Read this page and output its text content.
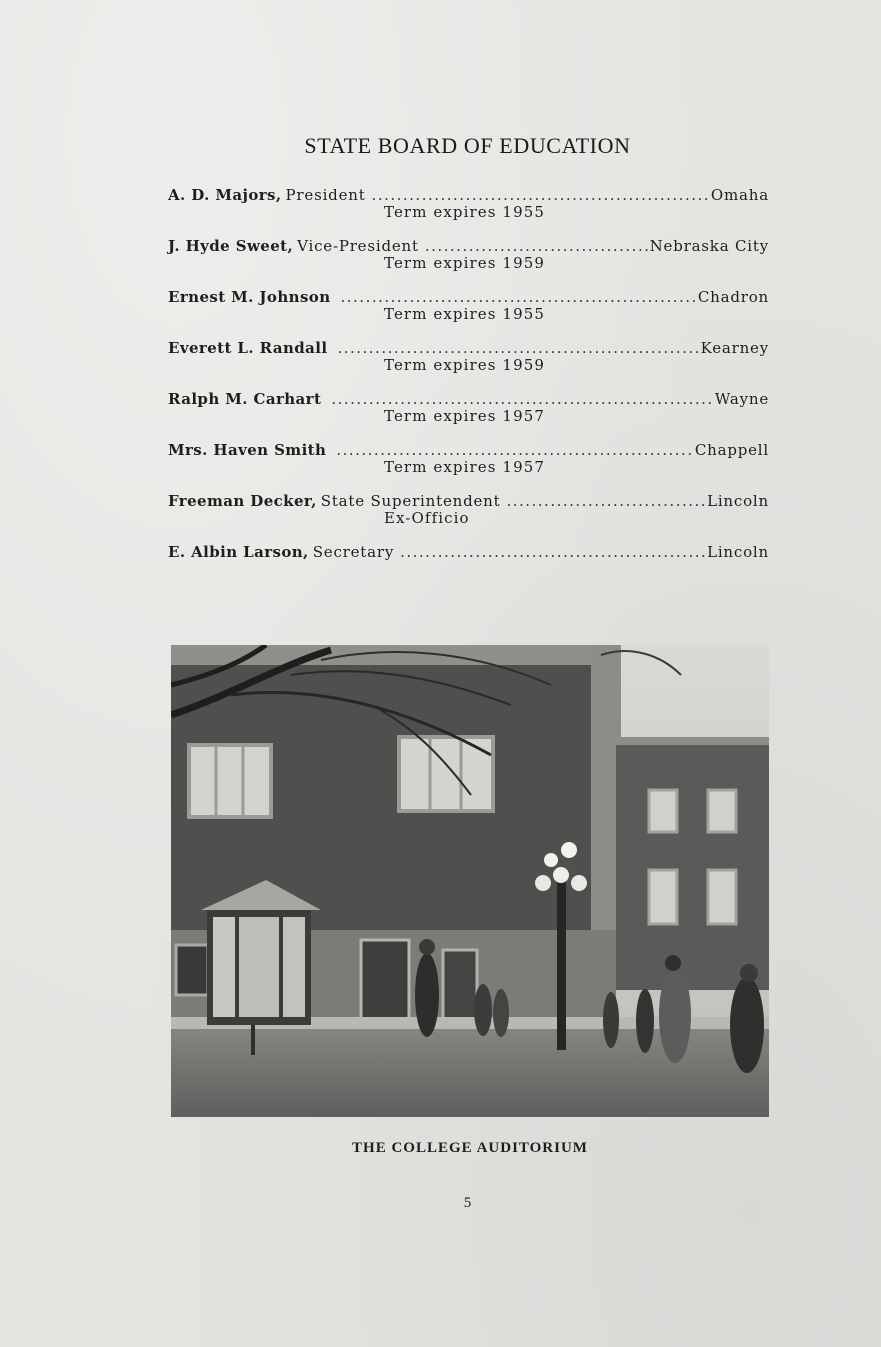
STATE BOARD OF EDUCATION
A. D. Majors, President .....	Omaha
Term expires 1955
J. Hyde Sweet, Vice-President .....	Nebraska City
Term expires 1959
Ernest M. Johnson .....	Chadron
Term expires 1955
Everett L. Randall .....	Kearney
Term expires 1959
Ralph M. Carhart .....	Wayne
Term expires 1957
Mrs. Haven Smith .....	Chappell
Term expires 1957
Freeman Decker, State Superintendent .....	Lincoln
Ex-Officio
E. Albin Larson, Secretary .....	Lincoln
THE COLLEGE AUDITORIUM
5
